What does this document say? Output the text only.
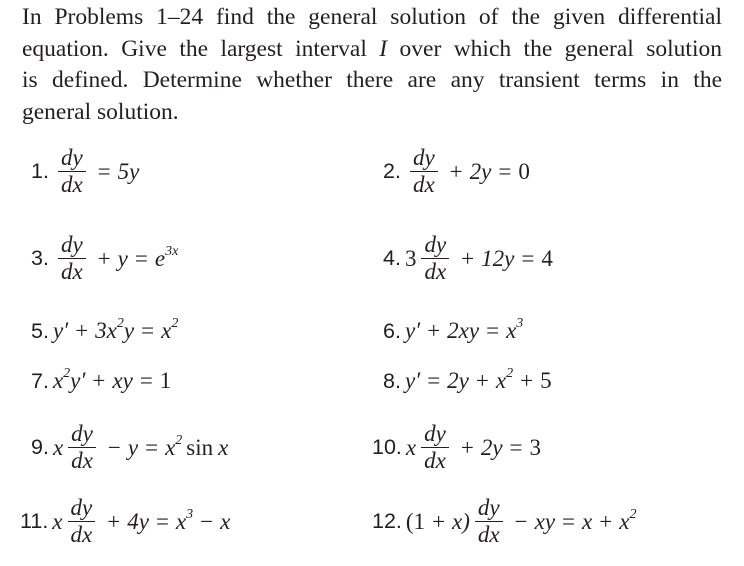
In Problems 1–24 find the general solution of the given differential
equation. Give the largest interval I over which the general solution
is defined. Determine whether there are any transient terms in the
general solution.
1. $\frac{dy}{dx} = 5y$	2. $\frac{dy}{dx} + 2y = 0$
3. $\frac{dy}{dx} + y = e^{3x}$	4. $3 \frac{dy}{dx} + 12y = 4$
5. $y' + 3x^2y = x^2$	6. $y' + 2xy = x^3$
7. $x^2y'$ + xy = 1	8. $y' = 2y + x^2 + 5$
9. x $\frac{dy}{dx} - y = x^2$ sin x	10. x $\frac{dy}{dx} + 2y = 3$
11. x $\frac{dy}{dx} + 4y = x^3 - x$	12. $(1 + x) \frac{dy}{dx}$ − xy = $x + x^2$
